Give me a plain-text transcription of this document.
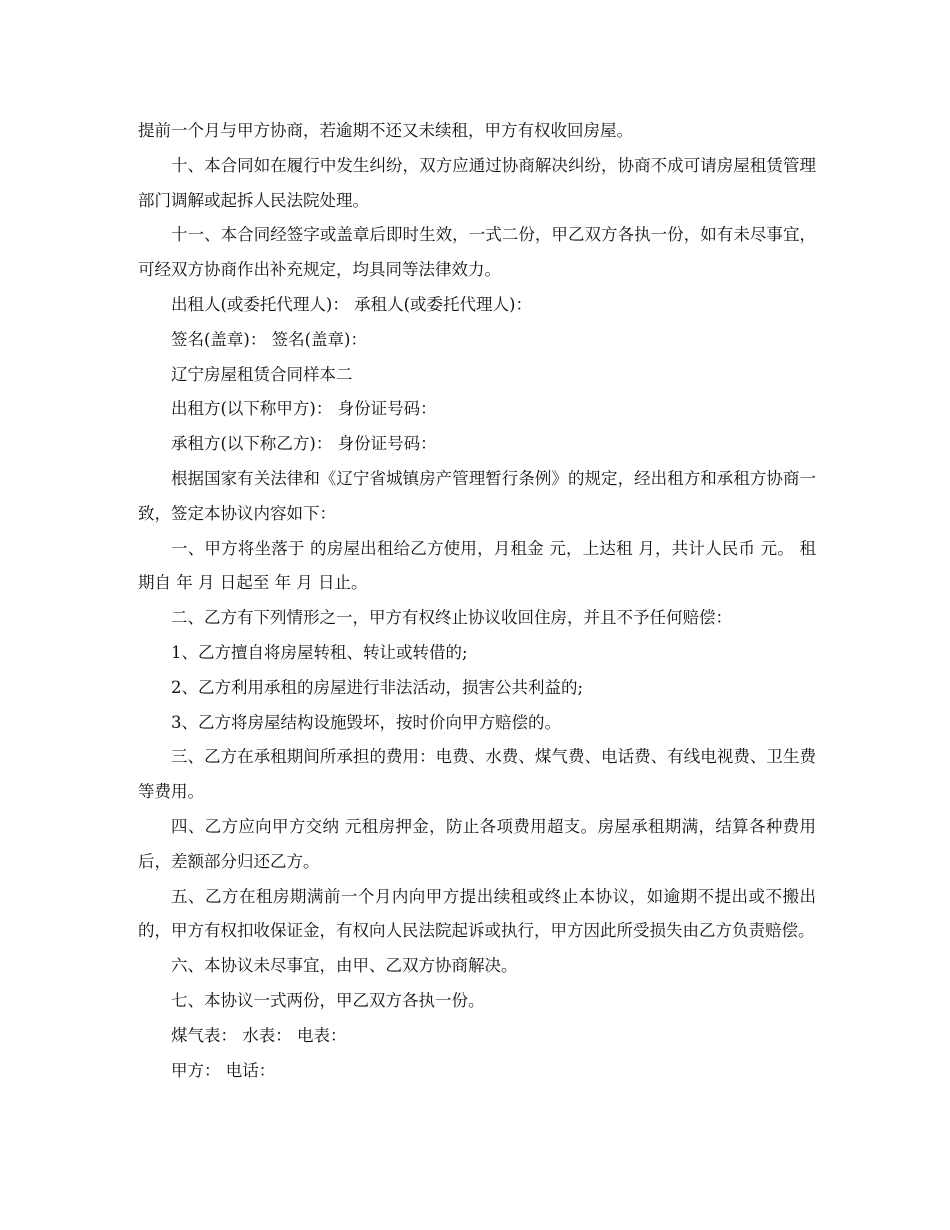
提前一个月与甲方协商，若逾期不还又未续租，甲方有权收回房屋。

十、本合同如在履行中发生纠纷，双方应通过协商解决纠纷，协商不成可请房屋租赁管理部门调解或起拆人民法院处理。

十一、本合同经签字或盖章后即时生效，一式二份，甲乙双方各执一份，如有未尽事宜，可经双方协商作出补充规定，均具同等法律效力。

出租人(或委托代理人)： 承租人(或委托代理人)：

签名(盖章)： 签名(盖章)：

辽宁房屋租赁合同样本二

出租方(以下称甲方)： 身份证号码：

承租方(以下称乙方)： 身份证号码：

根据国家有关法律和《辽宁省城镇房产管理暂行条例》的规定，经出租方和承租方协商一致，签定本协议内容如下：

一、甲方将坐落于 的房屋出租给乙方使用，月租金 元，上达租 月，共计人民币 元。 租期自 年 月 日起至 年 月 日止。

二、乙方有下列情形之一，甲方有权终止协议收回住房，并且不予任何赔偿：

1、乙方擅自将房屋转租、转让或转借的;

2、乙方利用承租的房屋进行非法活动，损害公共利益的;

3、乙方将房屋结构设施毁坏，按时价向甲方赔偿的。

三、乙方在承租期间所承担的费用：电费、水费、煤气费、电话费、有线电视费、卫生费等费用。

四、乙方应向甲方交纳 元租房押金，防止各项费用超支。房屋承租期满，结算各种费用后，差额部分归还乙方。

五、乙方在租房期满前一个月内向甲方提出续租或终止本协议，如逾期不提出或不搬出的，甲方有权扣收保证金，有权向人民法院起诉或执行，甲方因此所受损失由乙方负责赔偿。

六、本协议未尽事宜，由甲、乙双方协商解决。

七、本协议一式两份，甲乙双方各执一份。

煤气表： 水表： 电表：

甲方： 电话：
